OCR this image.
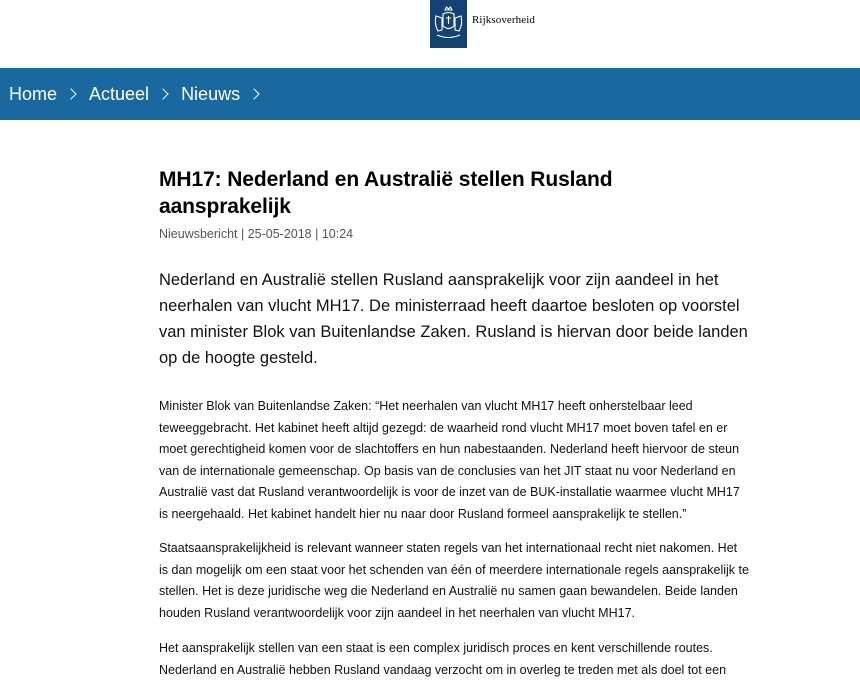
Rijksoverheid
Home Actueel Nieuws
MH17: Nederland en Australië stellen Rusland aansprakelijk
Nieuwsbericht | 25-05-2018 | 10:24

Nederland en Australië stellen Rusland aansprakelijk voor zijn aandeel in het neerhalen van vlucht MH17. De ministerraad heeft daartoe besloten op voorstel van minister Blok van Buitenlandse Zaken. Rusland is hiervan door beide landen op de hoogte gesteld.

Minister Blok van Buitenlandse Zaken: “Het neerhalen van vlucht MH17 heeft onherstelbaar leed teweeggebracht. Het kabinet heeft altijd gezegd: de waarheid rond vlucht MH17 moet boven tafel en er moet gerechtigheid komen voor de slachtoffers en hun nabestaanden. Nederland heeft hiervoor de steun van de internationale gemeenschap. Op basis van de conclusies van het JIT staat nu voor Nederland en Australië vast dat Rusland verantwoordelijk is voor de inzet van de BUK-installatie waarmee vlucht MH17 is neergehaald. Het kabinet handelt hier nu naar door Rusland formeel aansprakelijk te stellen.”

Staatsaansprakelijkheid is relevant wanneer staten regels van het internationaal recht niet nakomen. Het is dan mogelijk om een staat voor het schenden van één of meerdere internationale regels aansprakelijk te stellen. Het is deze juridische weg die Nederland en Australië nu samen gaan bewandelen. Beide landen houden Rusland verantwoordelijk voor zijn aandeel in het neerhalen van vlucht MH17.

Het aansprakelijk stellen van een staat is een complex juridisch proces en kent verschillende routes. Nederland en Australië hebben Rusland vandaag verzocht om in overleg te treden met als doel tot een
